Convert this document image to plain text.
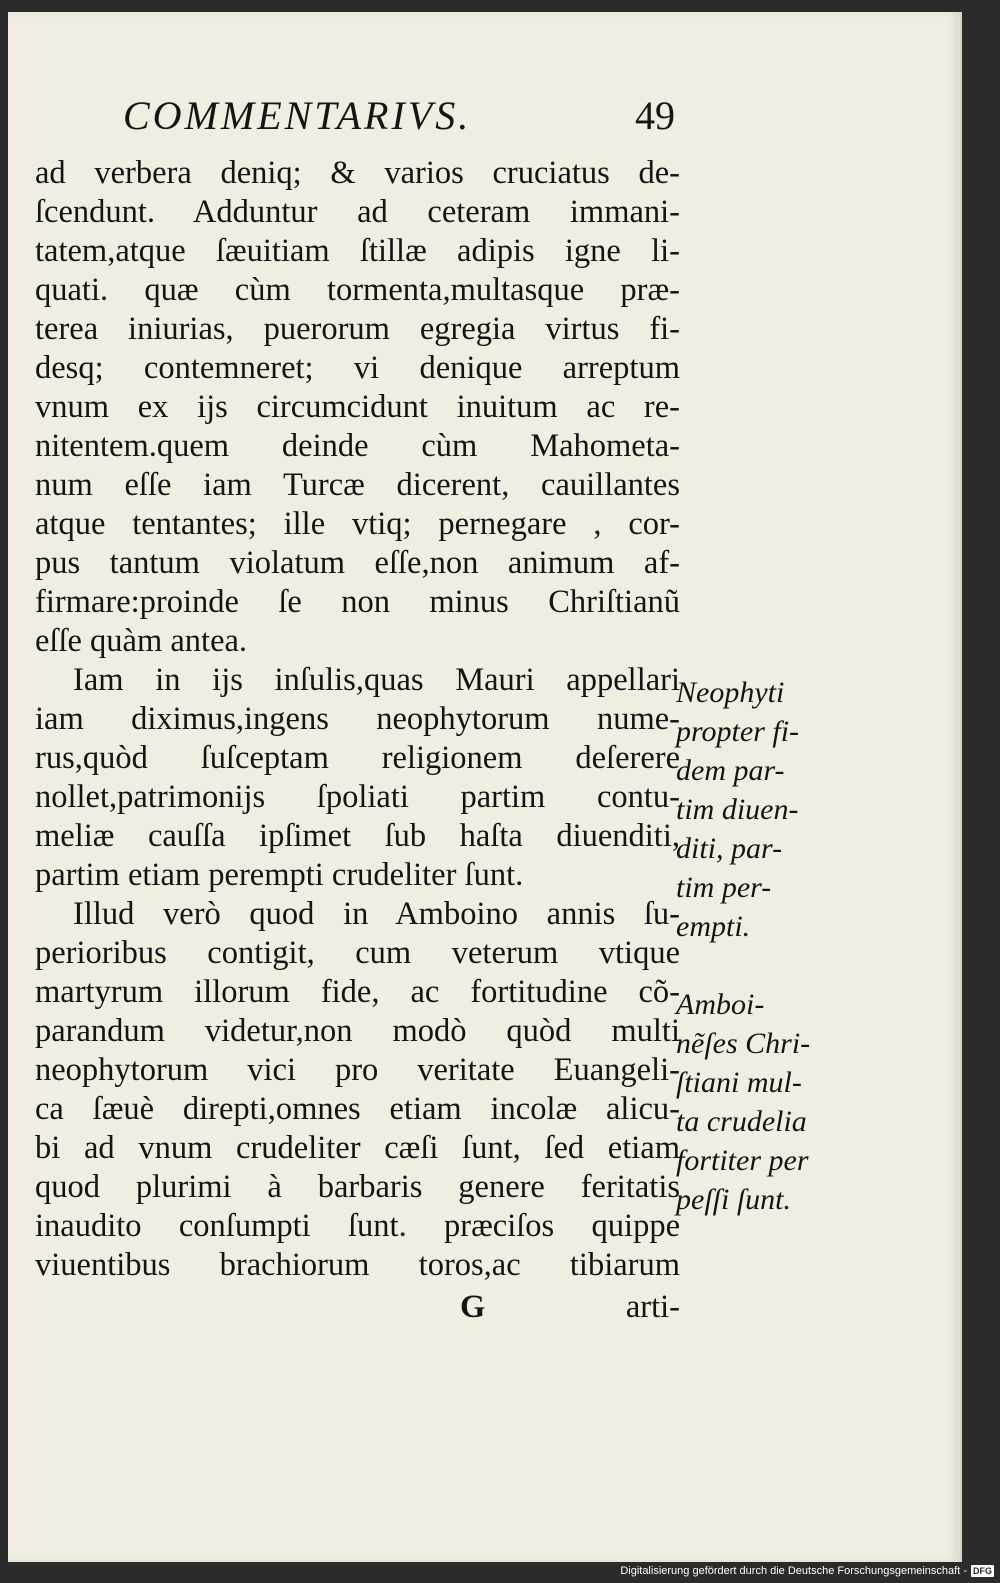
COMMENTARIVS.	49
ad verbera deniq; & varios cruciatus de-
ſcendunt. Adduntur ad ceteram immani-
tatem,atque ſæuitiam ſtillæ adipis igne li-
quati. quæ cùm tormenta,multasque præ-
terea iniurias, puerorum egregia virtus fi-
desq; contemneret; vi denique arreptum
vnum ex ijs circumcidunt inuitum ac re-
nitentem.quem deinde cùm Mahometa-
num eſſe iam Turcæ dicerent, cauillantes
atque tentantes; ille vtiq; pernegare , cor-
pus tantum violatum eſſe,non animum af-
firmare:proinde ſe non minus Chriſtianũ
eſſe quàm antea.
Iam in ijs inſulis,quas Mauri appellari
iam diximus,ingens neophytorum nume-
rus,quòd ſuſceptam religionem deſerere
nollet,patrimonijs ſpoliati partim contu-
meliæ cauſſa ipſimet ſub haſta diuenditi,
partim etiam perempti crudeliter ſunt.
Illud verò quod in Amboino annis ſu-
perioribus contigit, cum veterum vtique
martyrum illorum fide, ac fortitudine cõ-
parandum videtur,non modò quòd multi
neophytorum vici pro veritate Euangeli-
ca ſæuè direpti,omnes etiam incolæ alicu-
bi ad vnum crudeliter cæſi ſunt, ſed etiam
quod plurimi à barbaris genere feritatis
inaudito conſumpti ſunt. præciſos quippe
viuentibus brachiorum toros,ac tibiarum
Neophyti
propter fi-
dem par-
tim diuen-
diti, par-
tim per-
empti.
Amboi-
nẽſes Chri-
ſtiani mul-
ta crudelia
fortiter per
peſſi ſunt.
G	arti-
Digitalisierung gefördert durch die Deutsche Forschungsgemeinschaft - DFG
